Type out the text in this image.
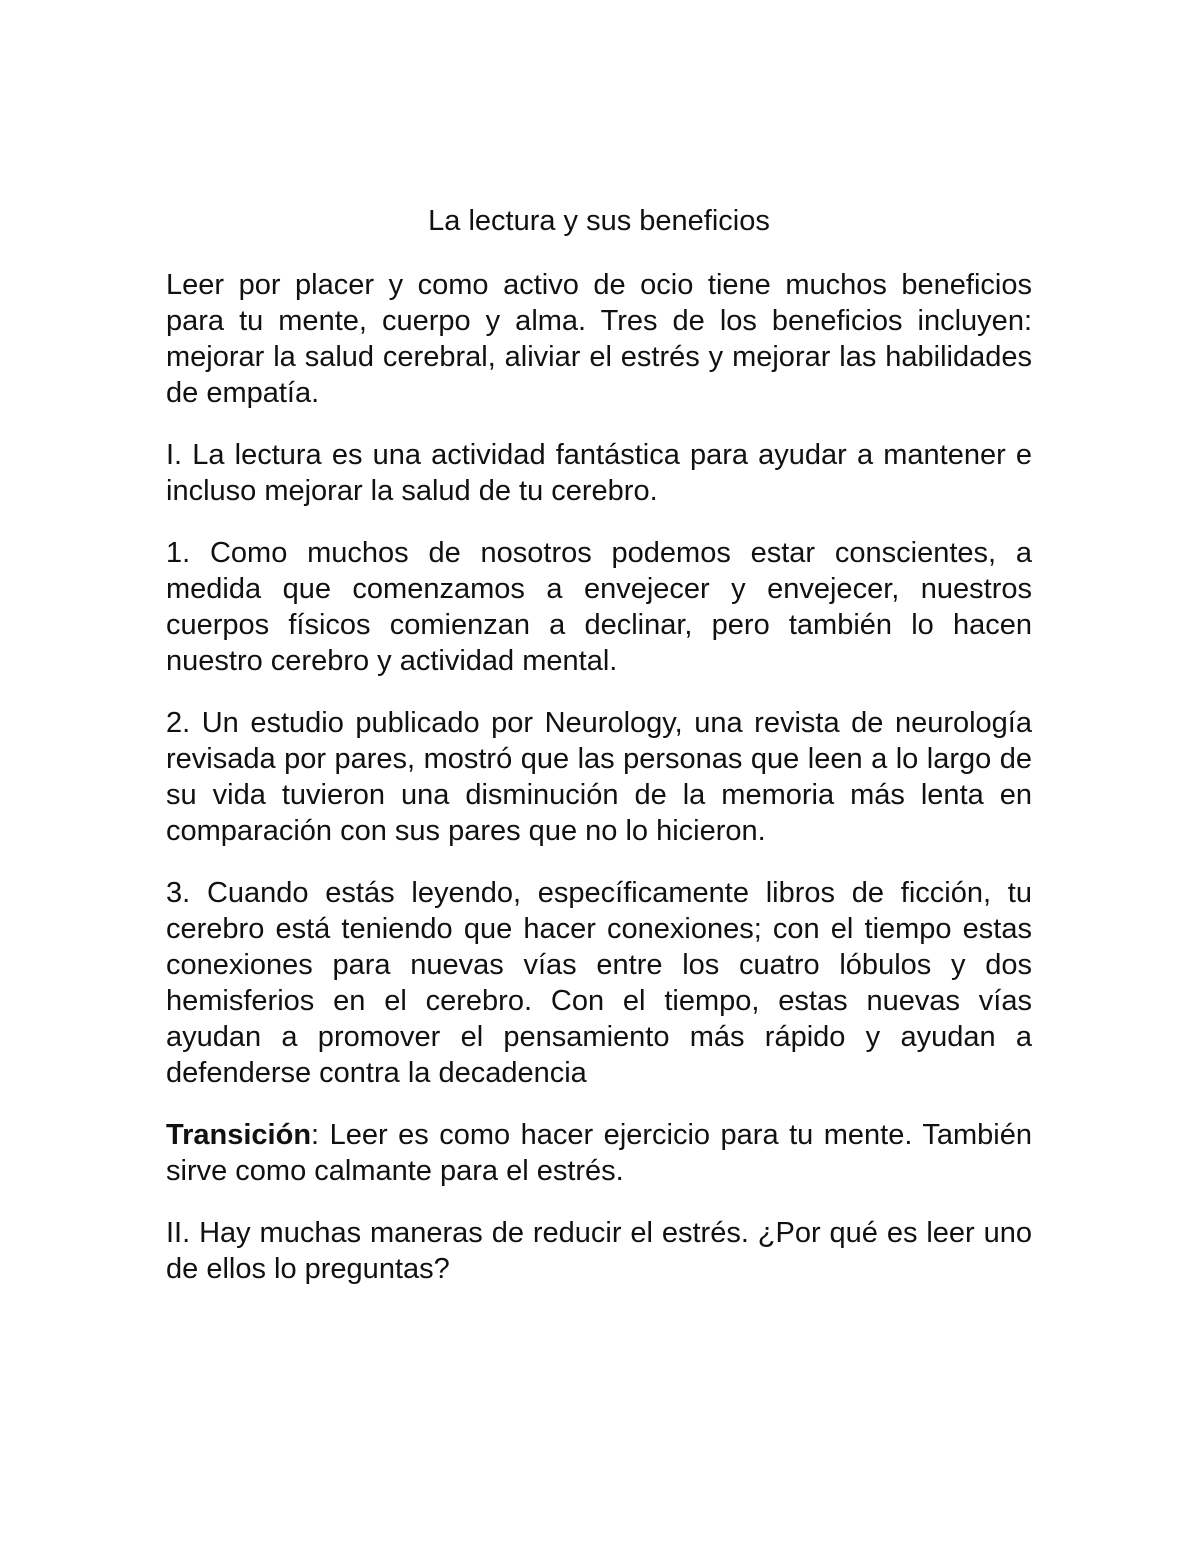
La lectura y sus beneficios

Leer por placer y como activo de ocio tiene muchos beneficios para tu mente, cuerpo y alma. Tres de los beneficios incluyen: mejorar la salud cerebral, aliviar el estrés y mejorar las habilidades de empatía.

I. La lectura es una actividad fantástica para ayudar a mantener e incluso mejorar la salud de tu cerebro.

1. Como muchos de nosotros podemos estar conscientes, a medida que comenzamos a envejecer y envejecer, nuestros cuerpos físicos comienzan a declinar, pero también lo hacen nuestro cerebro y actividad mental.

2. Un estudio publicado por Neurology, una revista de neurología revisada por pares, mostró que las personas que leen a lo largo de su vida tuvieron una disminución de la memoria más lenta en comparación con sus pares que no lo hicieron.

3. Cuando estás leyendo, específicamente libros de ficción, tu cerebro está teniendo que hacer conexiones; con el tiempo estas conexiones para nuevas vías entre los cuatro lóbulos y dos hemisferios en el cerebro. Con el tiempo, estas nuevas vías ayudan a promover el pensamiento más rápido y ayudan a defenderse contra la decadencia

Transición: Leer es como hacer ejercicio para tu mente. También sirve como calmante para el estrés.

II. Hay muchas maneras de reducir el estrés. ¿Por qué es leer uno de ellos lo preguntas?
